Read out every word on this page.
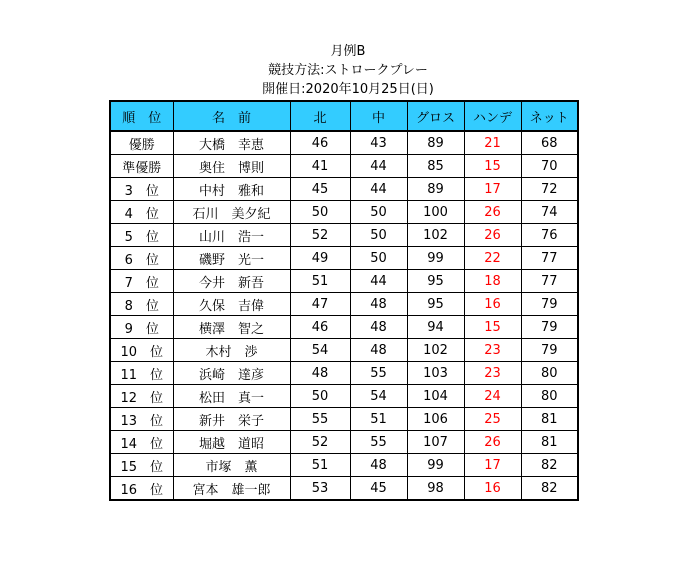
月例B
競技方法:ストロークプレー
開催日:2020年10月25日(日)
順　位	名　前	北	中	グロス	ハンデ	ネット
優勝	大橋　幸恵	46	43	89	21	68
準優勝	奥住　博則	41	44	85	15	70
3　位	中村　雅和	45	44	89	17	72
4　位	石川　美夕紀	50	50	100	26	74
5　位	山川　浩一	52	50	102	26	76
6　位	磯野　光一	49	50	99	22	77
7　位	今井　新吾	51	44	95	18	77
8　位	久保　吉偉	47	48	95	16	79
9　位	横澤　智之	46	48	94	15	79
10　位	木村　渉	54	48	102	23	79
11　位	浜崎　達彦	48	55	103	23	80
12　位	松田　真一	50	54	104	24	80
13　位	新井　栄子	55	51	106	25	81
14　位	堀越　道昭	52	55	107	26	81
15　位	市塚　薫	51	48	99	17	82
16　位	宮本　雄一郎	53	45	98	16	82
